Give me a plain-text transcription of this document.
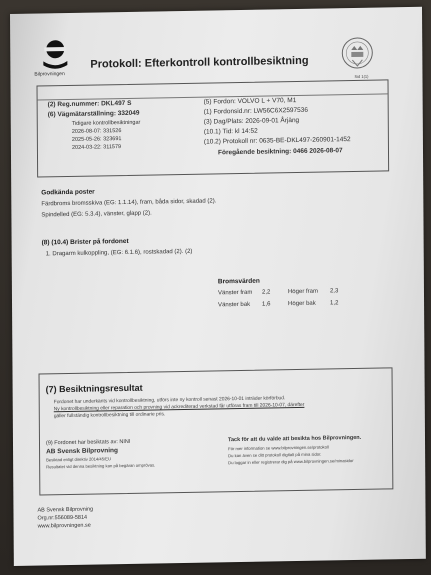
Bilprovningen
Protokoll: Efterkontroll kontrollbesiktning
Sid 1(1)
(2) Reg.nummer: DKL497 S
(6) Vägmätarställning: 332049
Tidigare kontrollbesiktningar
2026-08-07: 331526
2025-05-26: 323691
2024-03-22: 311579
(5) Fordon: VOLVO L + V70, M1
(1) Fordonsid.nr: LW56C6X2597536
(3) Dag/Plats: 2026-09-01 Årjäng
(10.1) Tid: kl 14:52
(10.2) Protokoll nr: 0635-BE-DKL497-260901-1452
Föregående besiktning: 0466 2026-08-07
Godkända poster
Färdbroms bromsskiva (EG: 1.1.14), fram, båda sidor, skadad (2).
Spindelled (EG: 5.3.4), vänster, glapp (2).
(8) (10.4) Brister på fordonet
1. Dragarm kulkoppling, (EG: 6.1.6), rostskadad (2). (2)
Bromsvärden
Vänster fram 2,2	Höger fram 2,3
Vänster bak 1,6	Höger bak 1,2
(7) Besiktningsresultat
Fordonet har underkänts vid kontrollbesiktning, utförs inte ny kontroll senast 2026-10-01 inträder körförbud.
Ny kontrollbesiktning eller reparation och provning vid ackrediterad verkstad får utföras fram till 2026-10-07, därefter
gäller fullständig kontrollbesiktning till ordinarie pris.
(9) Fordonet har besiktats av: NINI
AB Svensk Bilprovning
Besiktad enligt direktiv 2014/45/EU
Resultatet vid denna besiktning kan på begäran omprövas.
Tack för att du valde att besikta hos Bilprovningen.
För mer information se www.bilprovningen.se/protokoll
Du kan även se ditt protokoll digitalt på mina sidor.
Du loggar in eller registrerar dig på www.bilprovningen.se/minasidor
AB Svensk Bilprovning
Org.nr:556089-5814
www.bilprovningen.se
